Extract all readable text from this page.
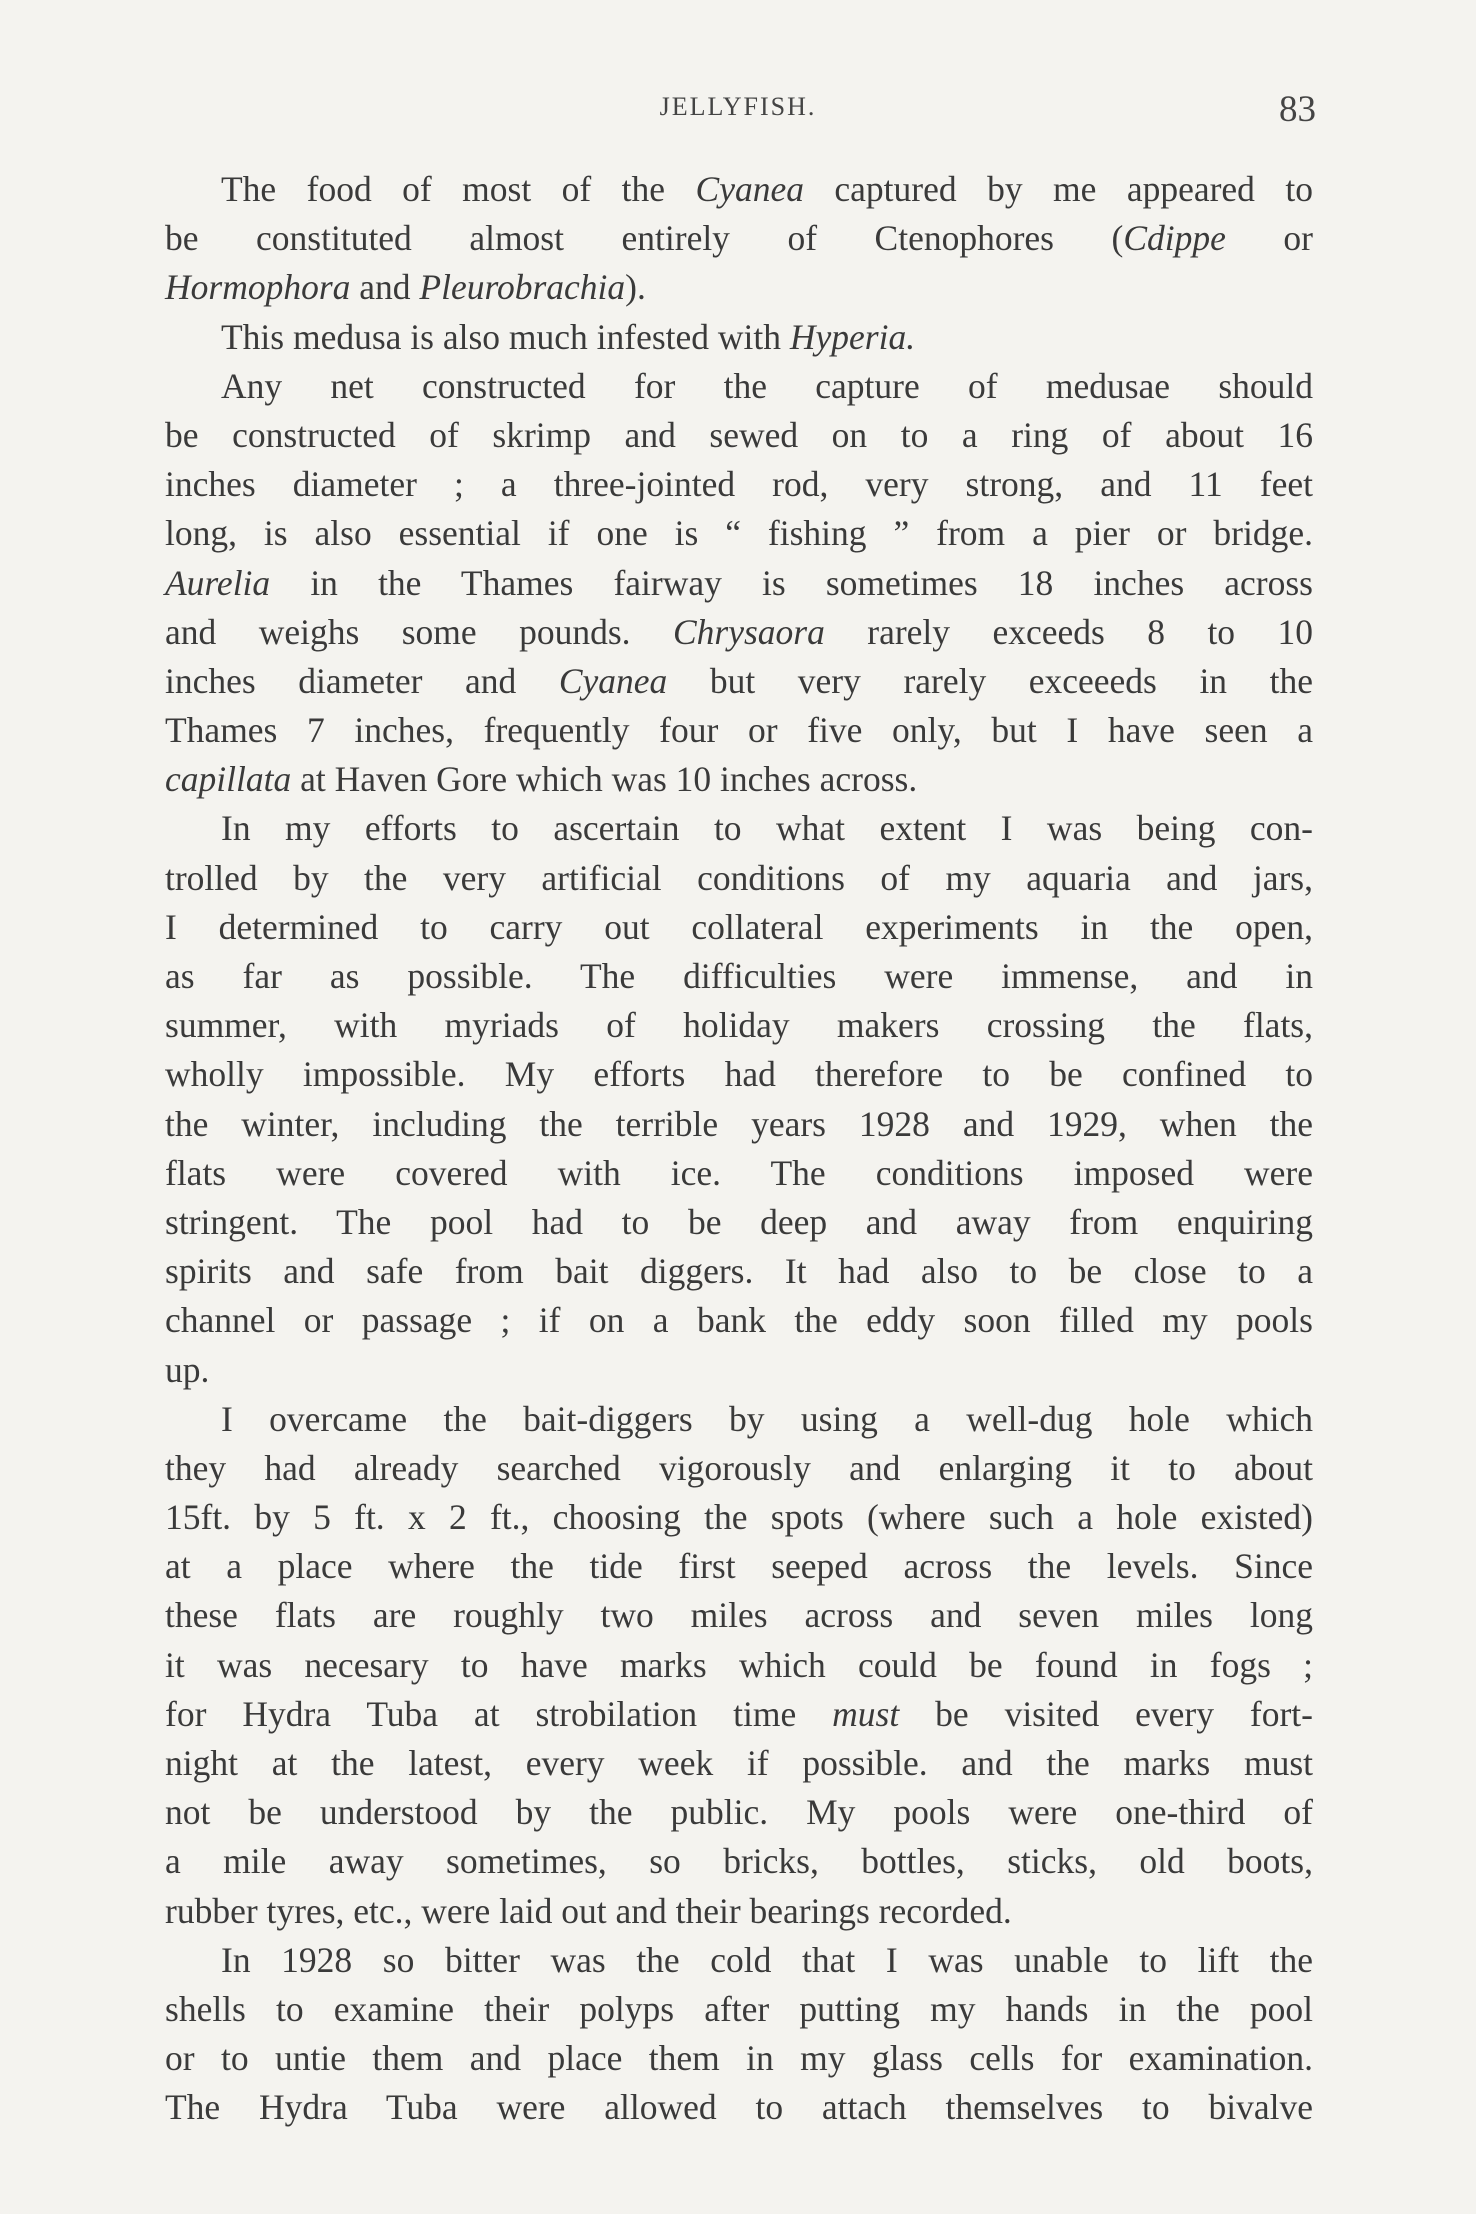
JELLYFISH.	83
The food of most of the Cyanea captured by me appeared to
be constituted almost entirely of Ctenophores (Cdippe or
Hormophora and Pleurobrachia).
This medusa is also much infested with Hyperia.
Any net constructed for the capture of medusae should
be constructed of skrimp and sewed on to a ring of about 16
inches diameter ; a three-jointed rod, very strong, and 11 feet
long, is also essential if one is “ fishing ” from a pier or bridge.
Aurelia in the Thames fairway is sometimes 18 inches across
and weighs some pounds. Chrysaora rarely exceeds 8 to 10
inches diameter and Cyanea but very rarely exceeeds in the
Thames 7 inches, frequently four or five only, but I have seen a
capillata at Haven Gore which was 10 inches across.
In my efforts to ascertain to what extent I was being con-
trolled by the very artificial conditions of my aquaria and jars,
I determined to carry out collateral experiments in the open,
as far as possible. The difficulties were immense, and in
summer, with myriads of holiday makers crossing the flats,
wholly impossible. My efforts had therefore to be confined to
the winter, including the terrible years 1928 and 1929, when the
flats were covered with ice. The conditions imposed were
stringent. The pool had to be deep and away from enquiring
spirits and safe from bait diggers. It had also to be close to a
channel or passage ; if on a bank the eddy soon filled my pools
up.
I overcame the bait-diggers by using a well-dug hole which
they had already searched vigorously and enlarging it to about
15ft. by 5 ft. x 2 ft., choosing the spots (where such a hole existed)
at a place where the tide first seeped across the levels. Since
these flats are roughly two miles across and seven miles long
it was necesary to have marks which could be found in fogs ;
for Hydra Tuba at strobilation time must be visited every fort-
night at the latest, every week if possible. and the marks must
not be understood by the public. My pools were one-third of
a mile away sometimes, so bricks, bottles, sticks, old boots,
rubber tyres, etc., were laid out and their bearings recorded.
In 1928 so bitter was the cold that I was unable to lift the
shells to examine their polyps after putting my hands in the pool
or to untie them and place them in my glass cells for examination.
The Hydra Tuba were allowed to attach themselves to bivalve
